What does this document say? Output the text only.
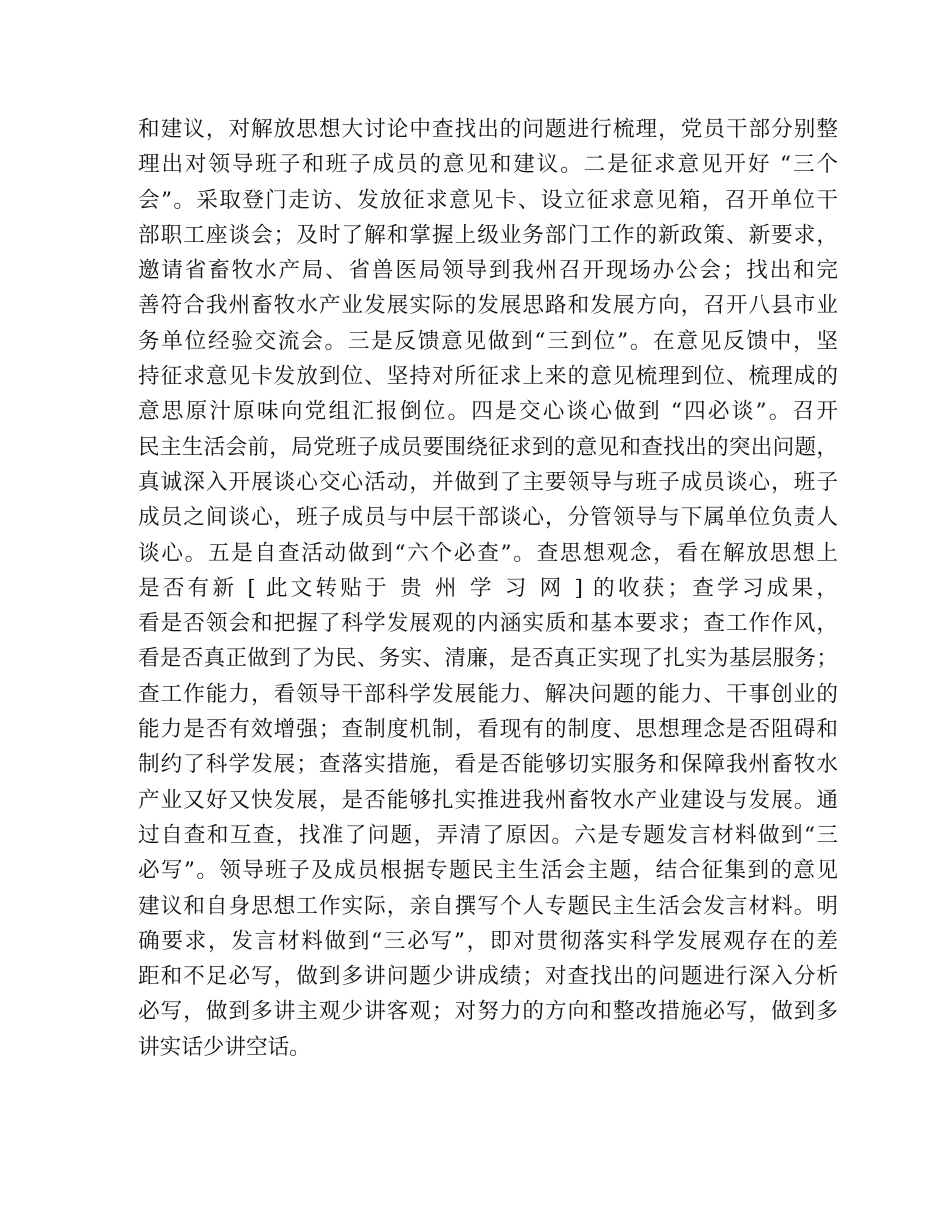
和建议，对解放思想大讨论中查找出的问题进行梳理，党员干部分别整
理出对领导班子和班子成员的意见和建议。二是征求意见开好 “三个
会”。采取登门走访、发放征求意见卡、设立征求意见箱，召开单位干
部职工座谈会；及时了解和掌握上级业务部门工作的新政策、新要求，
邀请省畜牧水产局、省兽医局领导到我州召开现场办公会；找出和完
善符合我州畜牧水产业发展实际的发展思路和发展方向，召开八县市业
务单位经验交流会。三是反馈意见做到“三到位”。在意见反馈中，坚
持征求意见卡发放到位、坚持对所征求上来的意见梳理到位、梳理成的
意思原汁原味向党组汇报倒位。四是交心谈心做到 “四必谈”。召开
民主生活会前，局党班子成员要围绕征求到的意见和查找出的突出问题，
真诚深入开展谈心交心活动，并做到了主要领导与班子成员谈心，班子
成员之间谈心，班子成员与中层干部谈心，分管领导与下属单位负责人
谈心。五是自查活动做到“六个必查”。查思想观念，看在解放思想上
是否有新 [ 此文转贴于 贵 州 学 习 网 ] 的收获；查学习成果，
看是否领会和把握了科学发展观的内涵实质和基本要求；查工作作风，
看是否真正做到了为民、务实、清廉，是否真正实现了扎实为基层服务；
查工作能力，看领导干部科学发展能力、解决问题的能力、干事创业的
能力是否有效增强；查制度机制，看现有的制度、思想理念是否阻碍和
制约了科学发展；查落实措施，看是否能够切实服务和保障我州畜牧水
产业又好又快发展，是否能够扎实推进我州畜牧水产业建设与发展。通
过自查和互查，找准了问题，弄清了原因。六是专题发言材料做到“三
必写”。领导班子及成员根据专题民主生活会主题，结合征集到的意见
建议和自身思想工作实际，亲自撰写个人专题民主生活会发言材料。明
确要求，发言材料做到“三必写”，即对贯彻落实科学发展观存在的差
距和不足必写，做到多讲问题少讲成绩；对查找出的问题进行深入分析
必写，做到多讲主观少讲客观；对努力的方向和整改措施必写，做到多
讲实话少讲空话。
